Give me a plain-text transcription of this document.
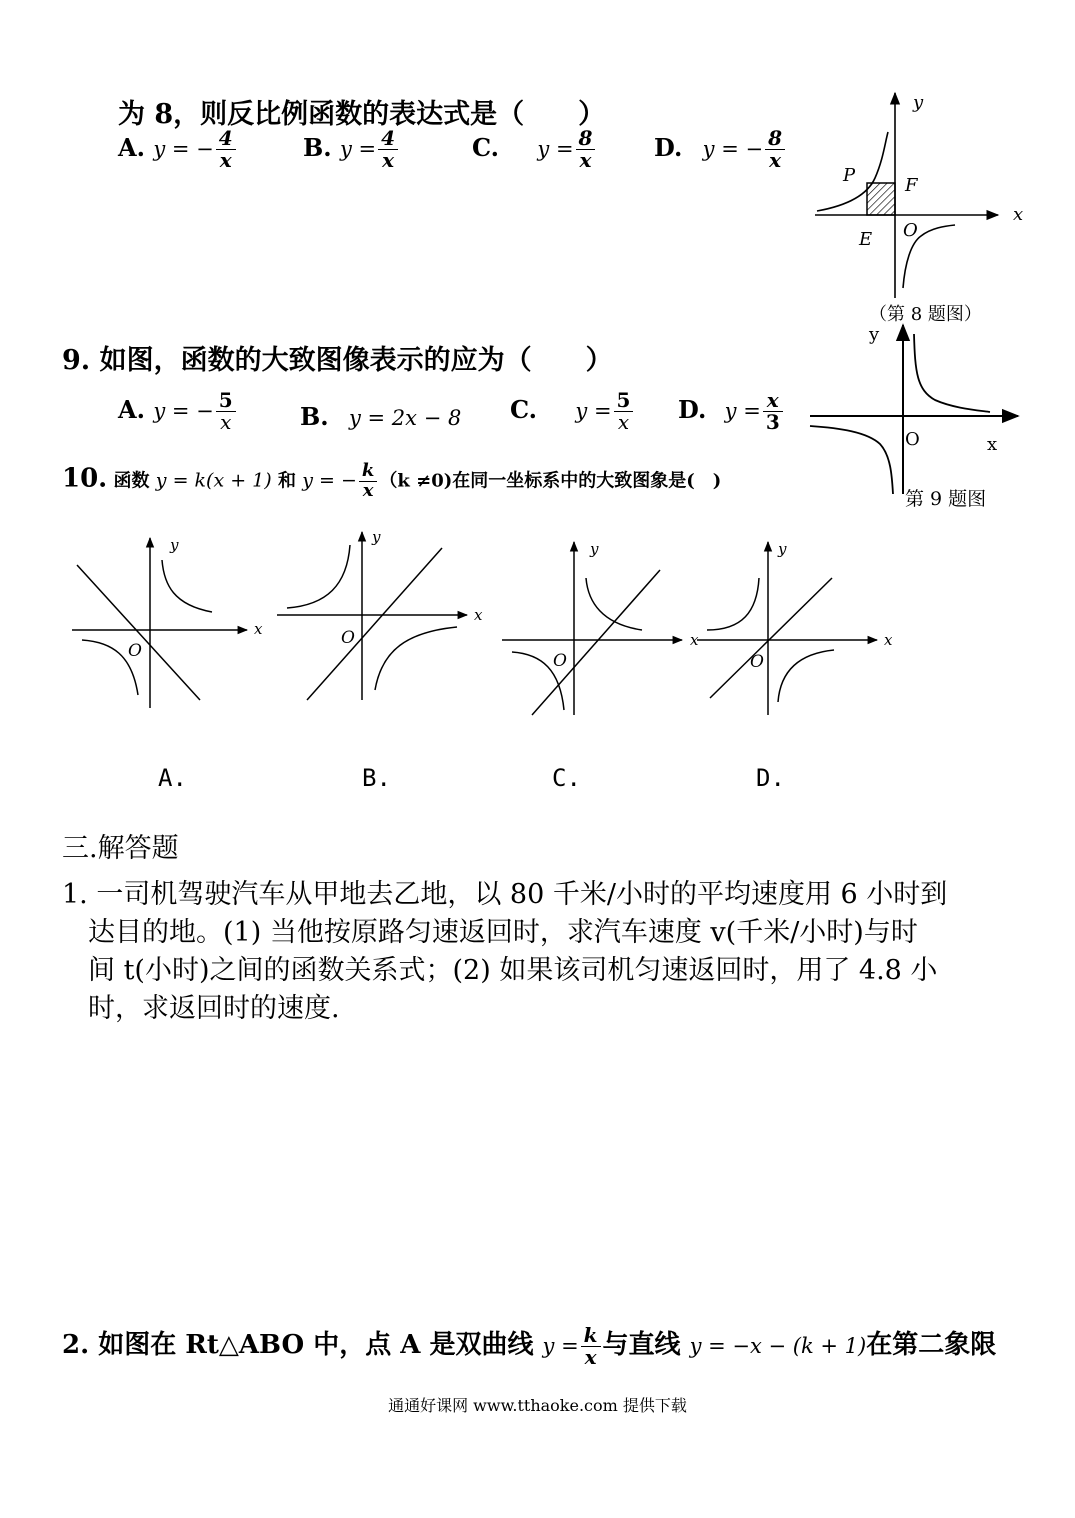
为 8，则反比例函数的表达式是（　　）
A. y = − $\frac{4}{x}$	B. $y = \frac{4}{x}$	C. $y = \frac{8}{x} D$. y = − $\frac{8}{x}$
y
x
P	F
E O
（第 8 题图）
9. 如图，函数的大致图像表示的应为（　　）
A. y = − $\frac{5}{x}$	B. y = 2x − 8 C. $y = \frac{5}{x} D$. $y = \frac{x}{3}$
y
x
O
第 9 题图
10. 函数 y = k(x + 1) 和 y = − $\frac{k}{x} (k \ne 0)$在同一坐标系中的大致图象是(　)
y
x
O
y
x
O
y
x
O
y
x
O
A.	B.	C.	D.
三.解答题
1. 一司机驾驶汽车从甲地去乙地，以 80 千米/小时的平均速度用 6 小时到
达目的地。(1) 当他按原路匀速返回时，求汽车速度 v(千米/小时)与时
间 t(小时)之间的函数关系式；(2) 如果该司机匀速返回时，用了 4.8 小
时，求返回时的速度.
2. 如图在 Rt△ABO 中，点 A 是双曲线 $y = \frac{k}{x}$ 与直线 y = −x − (k + 1)在第二象限
通通好课网 www.tthaoke.com 提供下载
